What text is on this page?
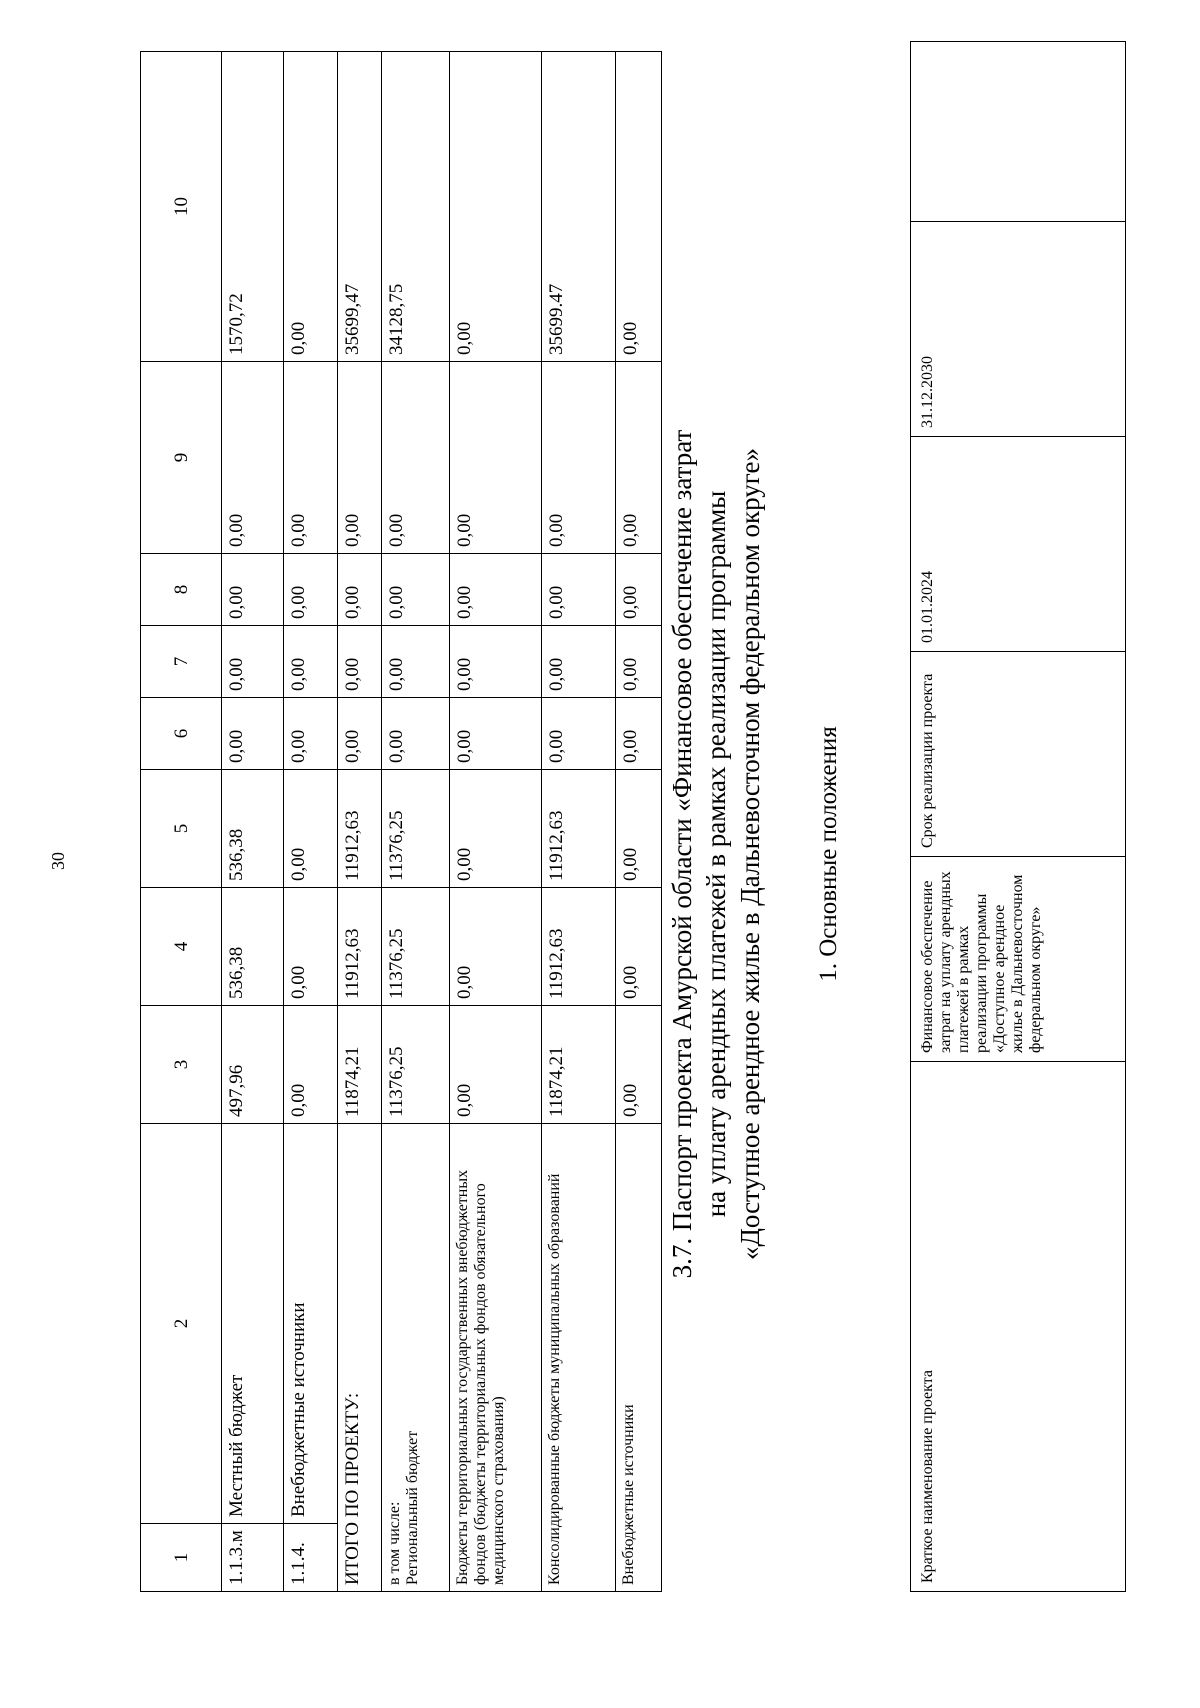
30
1	2	3	4	5	6	7	8	9	10
1.1.3.м	Местный бюджет	497,96	536,38	536,38	0,00	0,00	0,00	0,00	1570,72
1.1.4.	Внебюджетные источники	0,00	0,00	0,00	0,00	0,00	0,00	0,00	0,00
ИТОГО ПО ПРОЕКТУ:		11874,21	11912,63	11912,63	0,00	0,00	0,00	0,00	35699,47

в том числе: Региональный бюджет		11376,25	11376,25	11376,25	0,00	0,00	0,00	0,00	34128,75
Бюджеты территориальных государственных внебюджетных фондов (бюджеты территориальных фондов обязательного медицинского страхования)		0,00	0,00	0,00	0,00	0,00	0,00	0,00	0,00
Консолидированные бюджеты муниципальных образований		11874,21	11912,63	11912,63	0,00	0,00	0,00	0,00	35699.47
Внебюджетные источники		0,00	0,00	0,00	0,00	0,00	0,00	0,00	0,00
3.7. Паспорт проекта Амурской области «Финансовое обеспечение затрат на уплату арендных платежей в рамках реализации программы «Доступное арендное жилье в Дальневосточном федеральном округе» 1. Основные положения
Краткое наименование проекта	Финансовое обеспечение затрат на уплату арендных платежей в рамках реализации программы «Доступное арендное жилье в Дальневосточном федеральном округе»	Срок реализации проекта	01.01.2024	31.12.2030	
